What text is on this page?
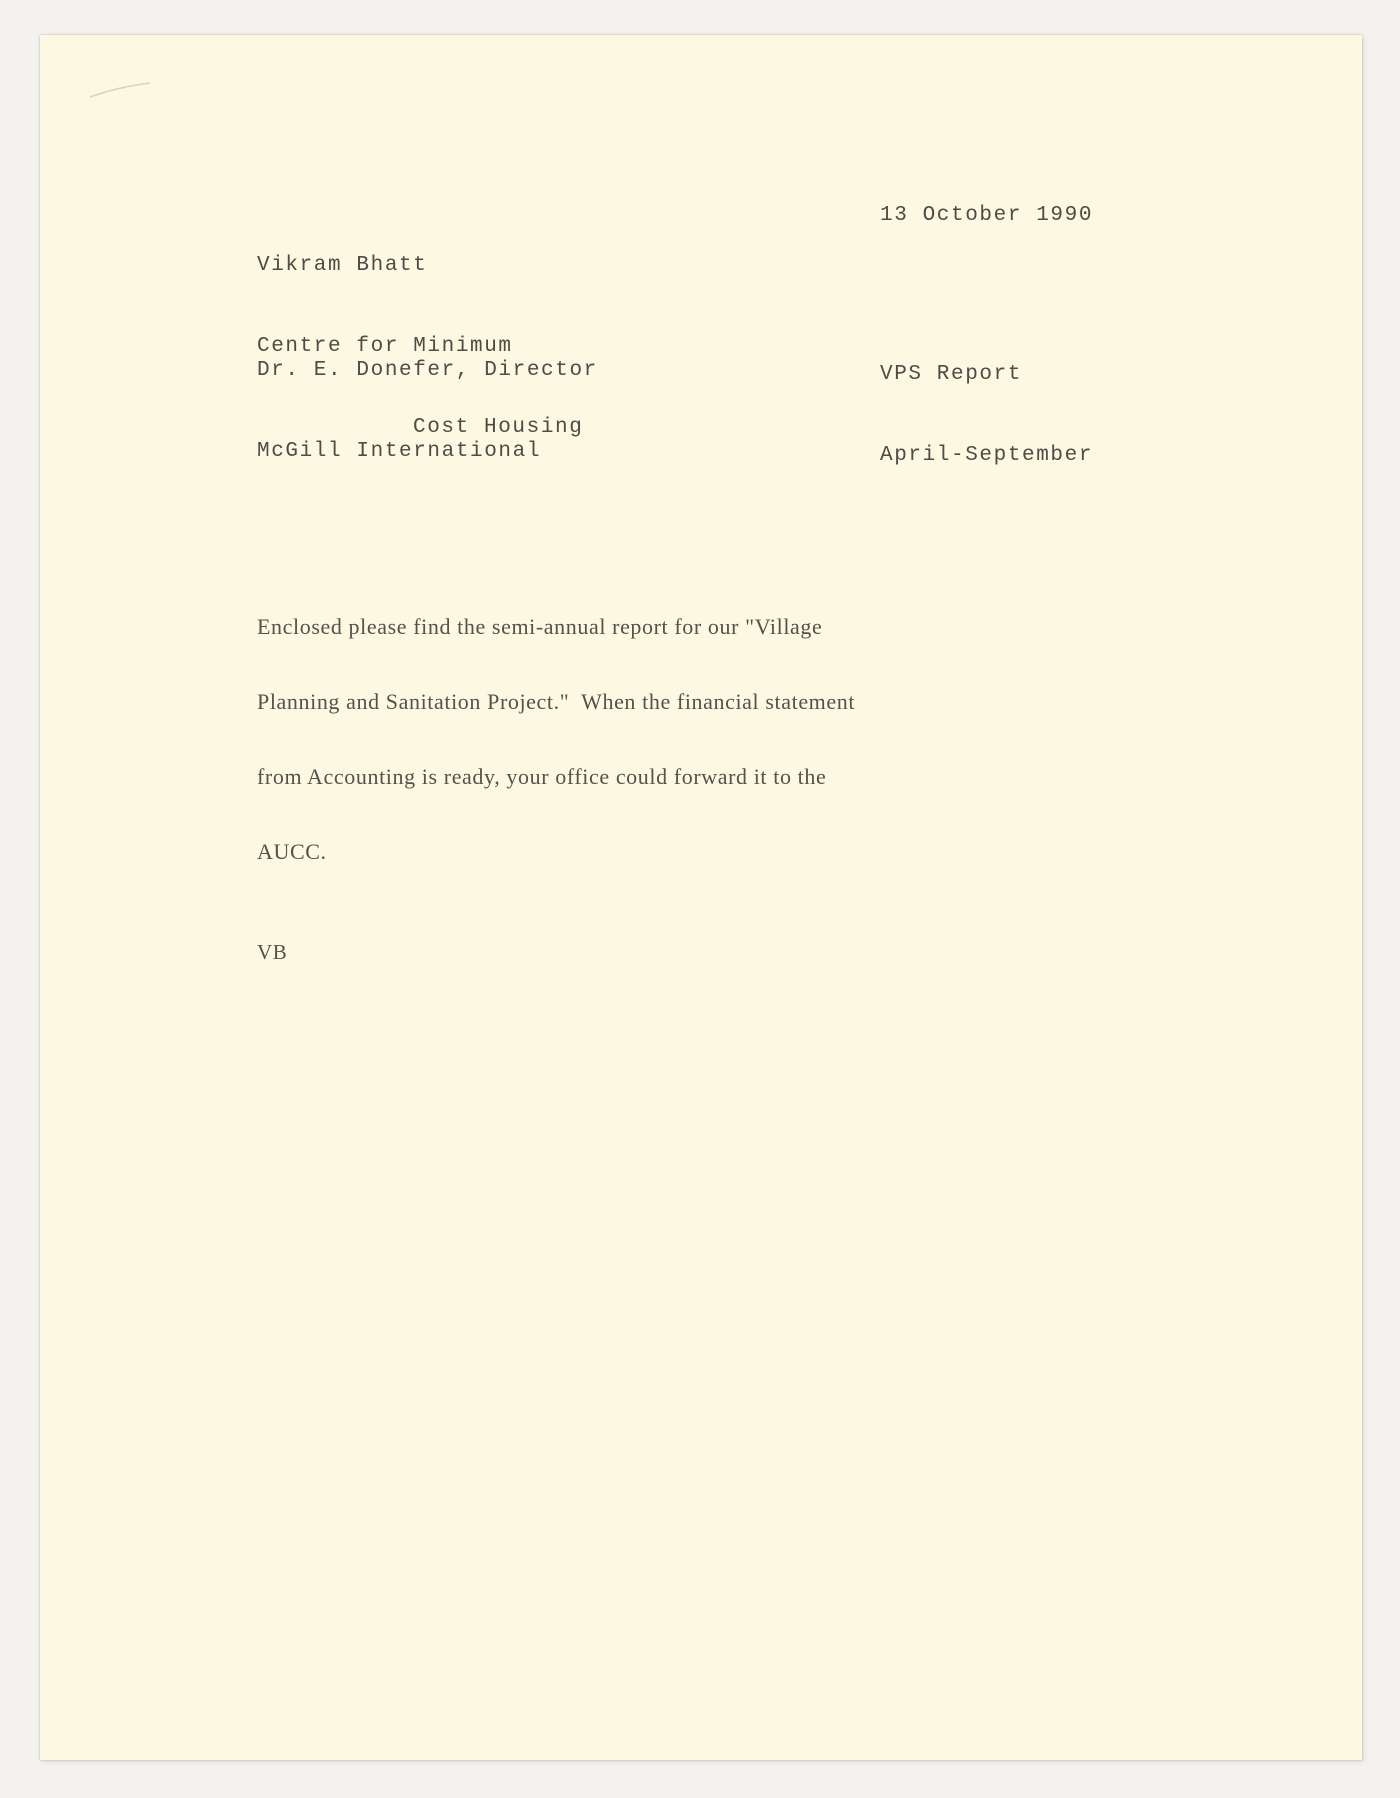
Vikram Bhatt

Centre for Minimum

Cost Housing

Dr. E. Donefer, Director

McGill International

13 October 1990

VPS Report

April-September

Enclosed please find the semi-annual report for our "Village

Planning and Sanitation Project."  When the financial statement

from Accounting is ready, your office could forward it to the

AUCC.

VB
